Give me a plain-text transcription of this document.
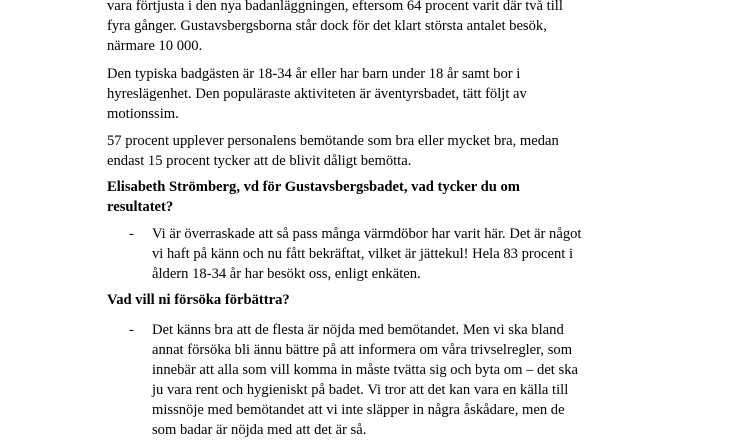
vara förtjusta i den nya badanläggningen, eftersom 64 procent varit där två till
fyra gånger. Gustavsbergsborna står dock för det klart största antalet besök,
närmare 10 000.
Den typiska badgästen är 18-34 år eller har barn under 18 år samt bor i
hyreslägenhet. Den populäraste aktiviteten är äventyrsbadet, tätt följt av
motionssim.
57 procent upplever personalens bemötande som bra eller mycket bra, medan
endast 15 procent tycker att de blivit dåligt bemötta.
Elisabeth Strömberg, vd för Gustavsbergsbadet, vad tycker du om
resultatet?
-	Vi är överraskade att så pass många värmdöbor har varit här. Det är något
vi haft på känn och nu fått bekräftat, vilket är jättekul! Hela 83 procent i
åldern 18-34 år har besökt oss, enligt enkäten.
Vad vill ni försöka förbättra?
-	Det känns bra att de flesta är nöjda med bemötandet. Men vi ska bland
annat försöka bli ännu bättre på att informera om våra trivselregler, som
innebär att alla som vill komma in måste tvätta sig och byta om – det ska
ju vara rent och hygieniskt på badet. Vi tror att det kan vara en källa till
missnöje med bemötandet att vi inte släpper in några åskådare, men de
som badar är nöjda med att det är så.
